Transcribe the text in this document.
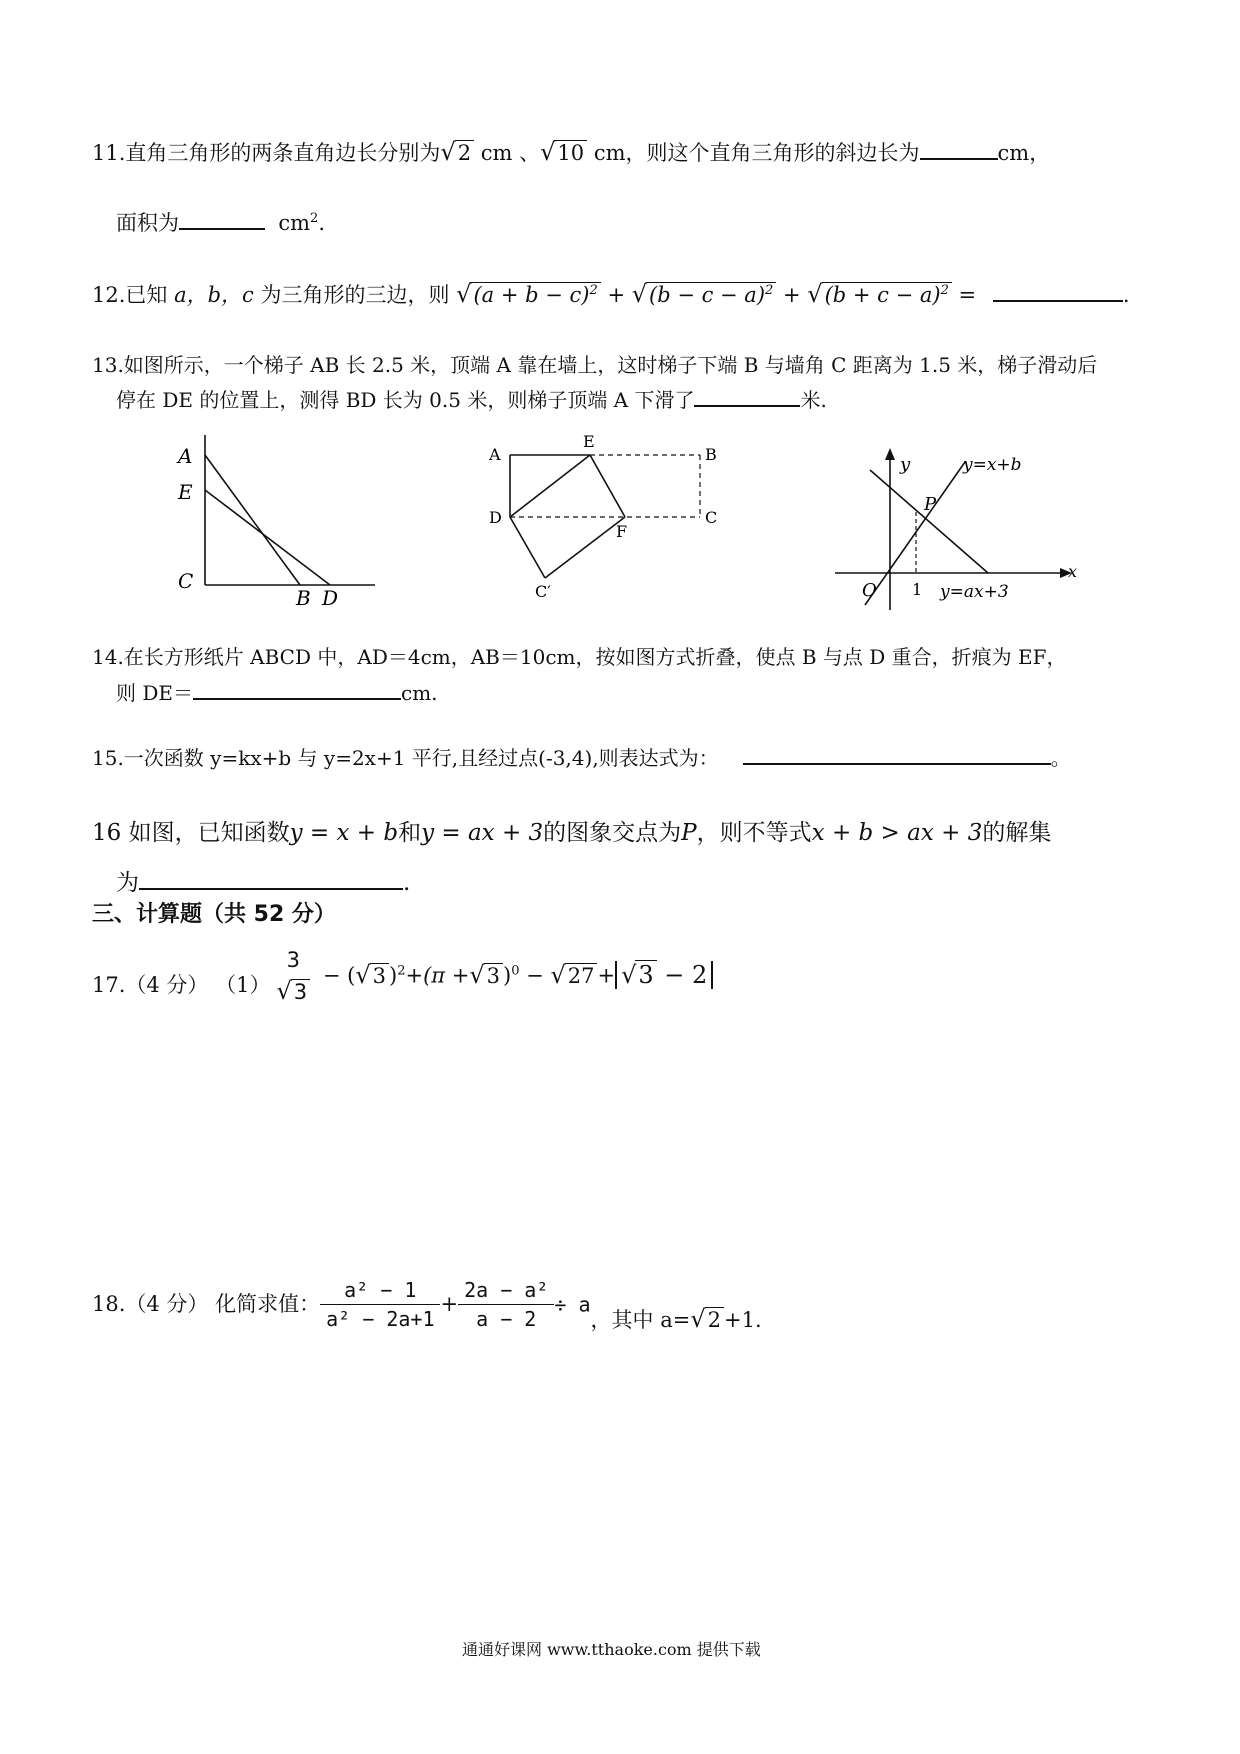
11.直角三角形的两条直角边长分别为√2 cm 、√10 cm，则这个直角三角形的斜边长为	cm，
面积为	$cm^2$.
12.已知 a，b，c 为三角形的三边，则 $√(a + b - c)^2 + √(b - c - a)^2 + √(b + c - a)^2$ =	.
13.如图所示，一个梯子 AB 长 2.5 米，顶端 A 靠在墙上，这时梯子下端 B 与墙角 C 距离为 1.5 米，梯子滑动后
停在 DE 的位置上，测得 BD 长为 0.5 米，则梯子顶端 A 下滑了	米.
A
E
C
B D
A
E
B
D
F
C
C′
y
x
O 1
P
y=x+b
y=ax+3
14.在长方形纸片 ABCD 中，AD＝4cm，AB＝10cm，按如图方式折叠，使点 B 与点 D 重合，折痕为 EF，
则 DE＝	cm.
15.一次函数 y=kx+b 与 y=2x+1 平行,且经过点(-3,4),则表达式为：	。
16 如图，已知函数y = x + b和y = ax + 3的图象交点为P，则不等式x + b > ax + 3的解集
为	.
三、计算题（共 52 分）
17.（4 分） （1）
3
√3
− (√3 )$^2$+(π +√3 )$^0$ − √27 + √3 − 2
18.（4 分） 化简求值： $\frac{\text{a² − 1}}{\text{a² − 2a+1}} + \frac{\text{2a − a²}}{a - 2} \div a$，其中 a=√2 +1.
通通好课网 www.tthaoke.com 提供下载
